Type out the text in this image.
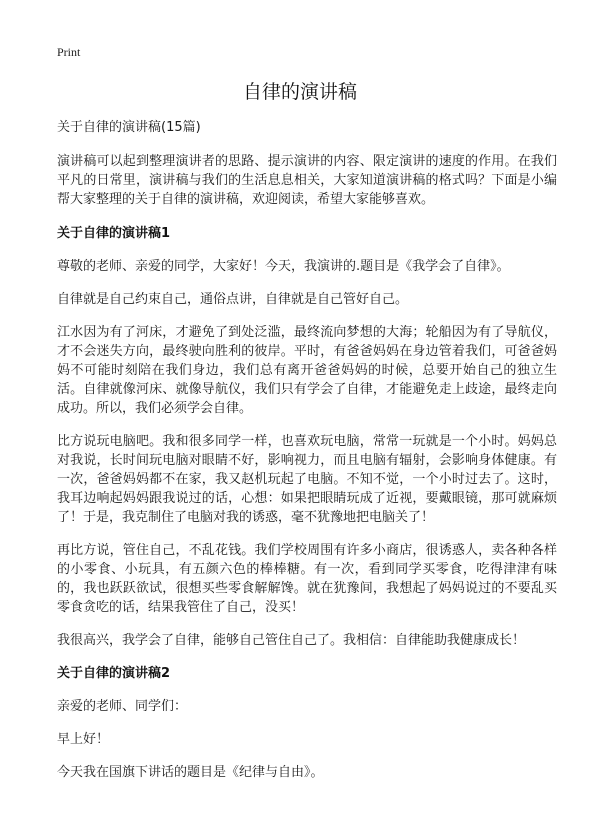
Print
自律的演讲稿

关于自律的演讲稿(15篇)

演讲稿可以起到整理演讲者的思路、提示演讲的内容、限定演讲的速度的作用。在我们平凡的日常里，演讲稿与我们的生活息息相关，大家知道演讲稿的格式吗？下面是小编帮大家整理的关于自律的演讲稿，欢迎阅读，希望大家能够喜欢。

关于自律的演讲稿1

尊敬的老师、亲爱的同学，大家好！今天，我演讲的.题目是《我学会了自律》。

自律就是自己约束自己，通俗点讲，自律就是自己管好自己。

江水因为有了河床，才避免了到处泛滥，最终流向梦想的大海；轮船因为有了导航仪，才不会迷失方向，最终驶向胜利的彼岸。平时，有爸爸妈妈在身边管着我们，可爸爸妈妈不可能时刻陪在我们身边，我们总有离开爸爸妈妈的时候，总要开始自己的独立生活。自律就像河床、就像导航仪，我们只有学会了自律，才能避免走上歧途，最终走向成功。所以，我们必须学会自律。

比方说玩电脑吧。我和很多同学一样，也喜欢玩电脑，常常一玩就是一个小时。妈妈总对我说，长时间玩电脑对眼睛不好，影响视力，而且电脑有辐射，会影响身体健康。有一次，爸爸妈妈都不在家，我又赵机玩起了电脑。不知不觉，一个小时过去了。这时，我耳边响起妈妈跟我说过的话，心想：如果把眼睛玩成了近视，要戴眼镜，那可就麻烦了！于是，我克制住了电脑对我的诱惑，毫不犹豫地把电脑关了！

再比方说，管住自己，不乱花钱。我们学校周围有许多小商店，很诱惑人，卖各种各样的小零食、小玩具，有五颜六色的棒棒糖。有一次，看到同学买零食，吃得津津有味的，我也跃跃欲试，很想买些零食解解馋。就在犹豫间，我想起了妈妈说过的不要乱买零食贪吃的话，结果我管住了自己，没买！

我很高兴，我学会了自律，能够自己管住自己了。我相信：自律能助我健康成长！

关于自律的演讲稿2

亲爱的老师、同学们：

早上好！

今天我在国旗下讲话的题目是《纪律与自由》。
